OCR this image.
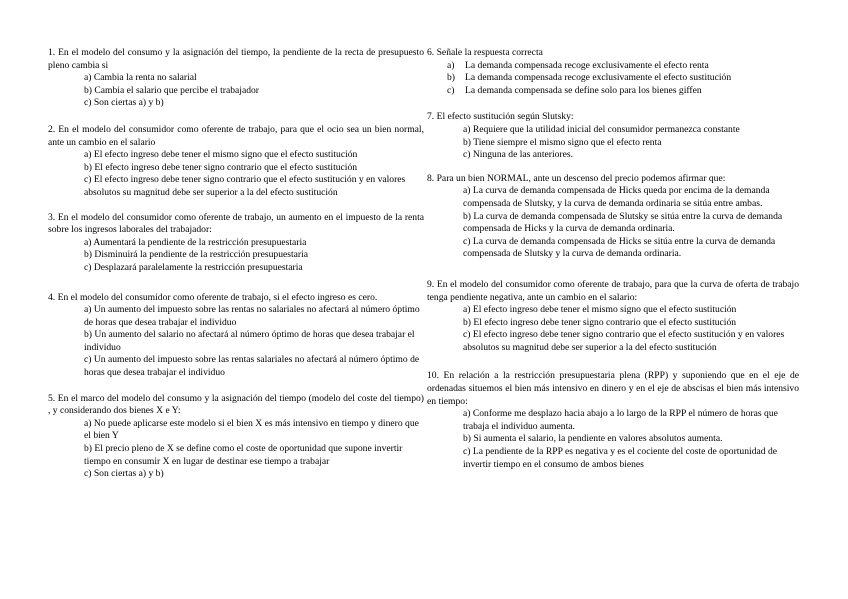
1. En el modelo del consumo y la asignación del tiempo, la pendiente de la recta de presupuesto pleno cambia si

a) Cambia la renta no salarial

b) Cambia el salario que percibe el trabajador

c) Son ciertas a) y b)

2. En el modelo del consumidor como oferente de trabajo, para que el ocio sea un bien normal, ante un cambio en el salario

a) El efecto ingreso debe tener el mismo signo que el efecto sustitución

b) El efecto ingreso debe tener signo contrario que el efecto sustitución

c) El efecto ingreso debe tener signo contrario que el efecto sustitución y en valores absolutos su magnitud debe ser superior a la del efecto sustitución

3. En el modelo del consumidor como oferente de trabajo, un aumento en el impuesto de la renta sobre los ingresos laborales del trabajador:

a) Aumentará la pendiente de la restricción presupuestaria

b) Disminuirá la pendiente de la restricción presupuestaria

c) Desplazará paralelamente la restricción presupuestaria

4. En el modelo del consumidor como oferente de trabajo, si el efecto ingreso es cero.

a) Un aumento del impuesto sobre las rentas no salariales no afectará al número óptimo de horas que desea trabajar el individuo

b) Un aumento del salario no afectará al número óptimo de horas que desea trabajar el individuo

c) Un aumento del impuesto sobre las rentas salariales no afectará al número óptimo de horas que desea trabajar el individuo

5. En el marco del modelo del consumo y la asignación del tiempo (modelo del coste del tiempo) , y considerando dos bienes X e Y:

a) No puede aplicarse este modelo si el bien X es más intensivo en tiempo y dinero que el bien Y

b) El precio pleno de X se define como el coste de oportunidad que supone invertir tiempo en consumir X en lugar de destinar ese tiempo a trabajar

c) Son ciertas a) y b)

6. Señale la respuesta correcta

a) La demanda compensada recoge exclusivamente el efecto renta

b) La demanda compensada recoge exclusivamente el efecto sustitución

c) La demanda compensada se define solo para los bienes giffen

7. El efecto sustitución según Slutsky:

a) Requiere que la utilidad inicial del consumidor permanezca constante

b) Tiene siempre el mismo signo que el efecto renta

c) Ninguna de las anteriores.

8. Para un bien NORMAL, ante un descenso del precio podemos afirmar que:

a) La curva de demanda compensada de Hicks queda por encima de la demanda compensada de Slutsky, y la curva de demanda ordinaria se sitúa entre ambas.

b) La curva de demanda compensada de Slutsky se sitúa entre la curva de demanda compensada de Hicks y la curva de demanda ordinaria.

c) La curva de demanda compensada de Hicks se sitúa entre la curva de demanda compensada de Slutsky y la curva de demanda ordinaria.

9. En el modelo del consumidor como oferente de trabajo, para que la curva de oferta de trabajo tenga pendiente negativa, ante un cambio en el salario:

a) El efecto ingreso debe tener el mismo signo que el efecto sustitución

b) El efecto ingreso debe tener signo contrario que el efecto sustitución

c) El efecto ingreso debe tener signo contrario que el efecto sustitución y en valores absolutos su magnitud debe ser superior a la del efecto sustitución

10. En relación a la restricción presupuestaria plena (RPP) y suponiendo que en el eje de ordenadas situemos el bien más intensivo en dinero y en el eje de abscisas el bien más intensivo en tiempo:

a) Conforme me desplazo hacia abajo a lo largo de la RPP el número de horas que trabaja el individuo aumenta.

b) Si aumenta el salario, la pendiente en valores absolutos aumenta.

c) La pendiente de la RPP es negativa y es el cociente del coste de oportunidad de invertir tiempo en el consumo de ambos bienes
